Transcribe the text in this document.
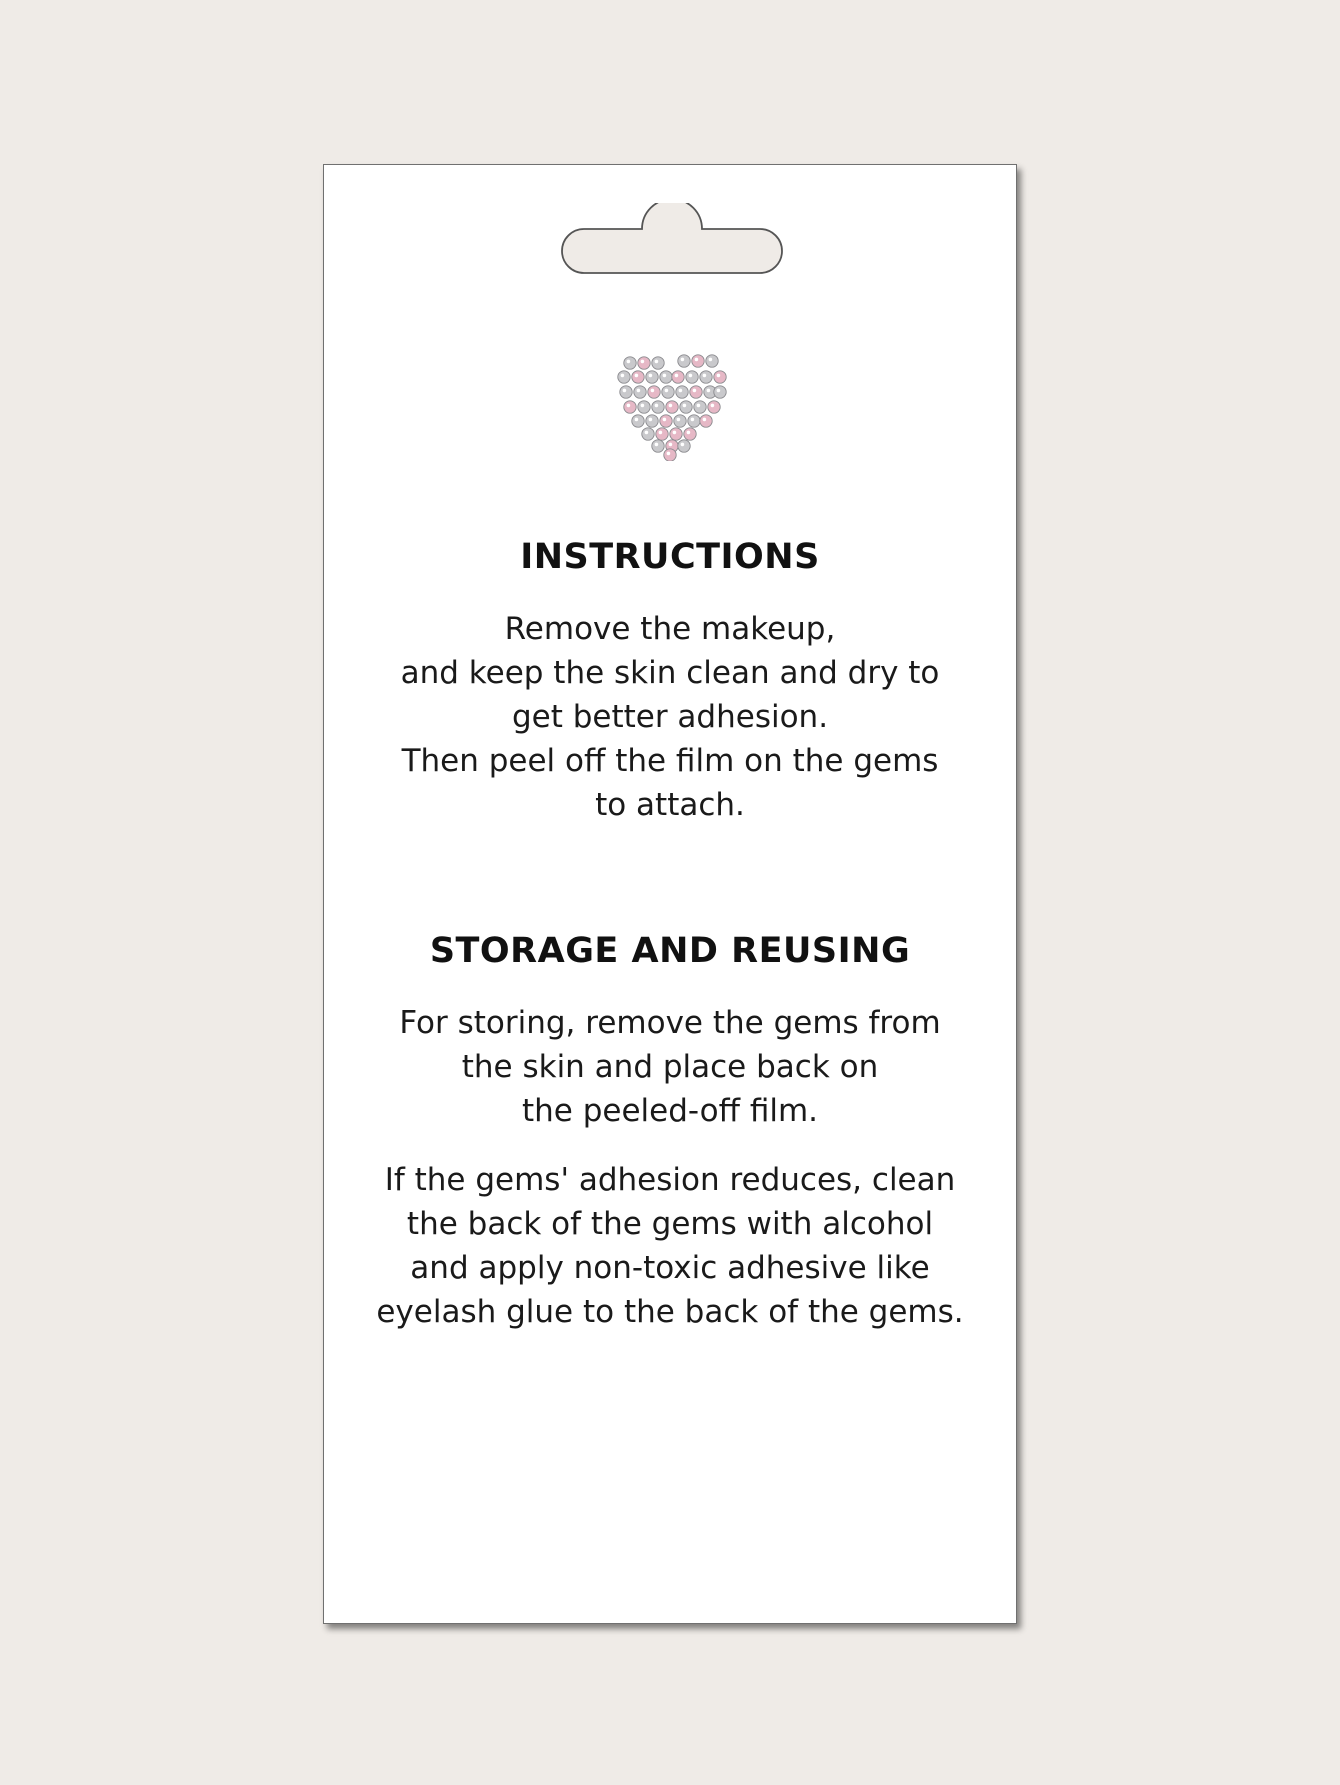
INSTRUCTIONS
Remove the makeup,
and keep the skin clean and dry to
get better adhesion.
Then peel off the film on the gems
to attach.
STORAGE AND REUSING
For storing, remove the gems from
the skin and place back on
the peeled-off film.
If the gems' adhesion reduces, clean
the back of the gems with alcohol
and apply non-toxic adhesive like
eyelash glue to the back of the gems.
